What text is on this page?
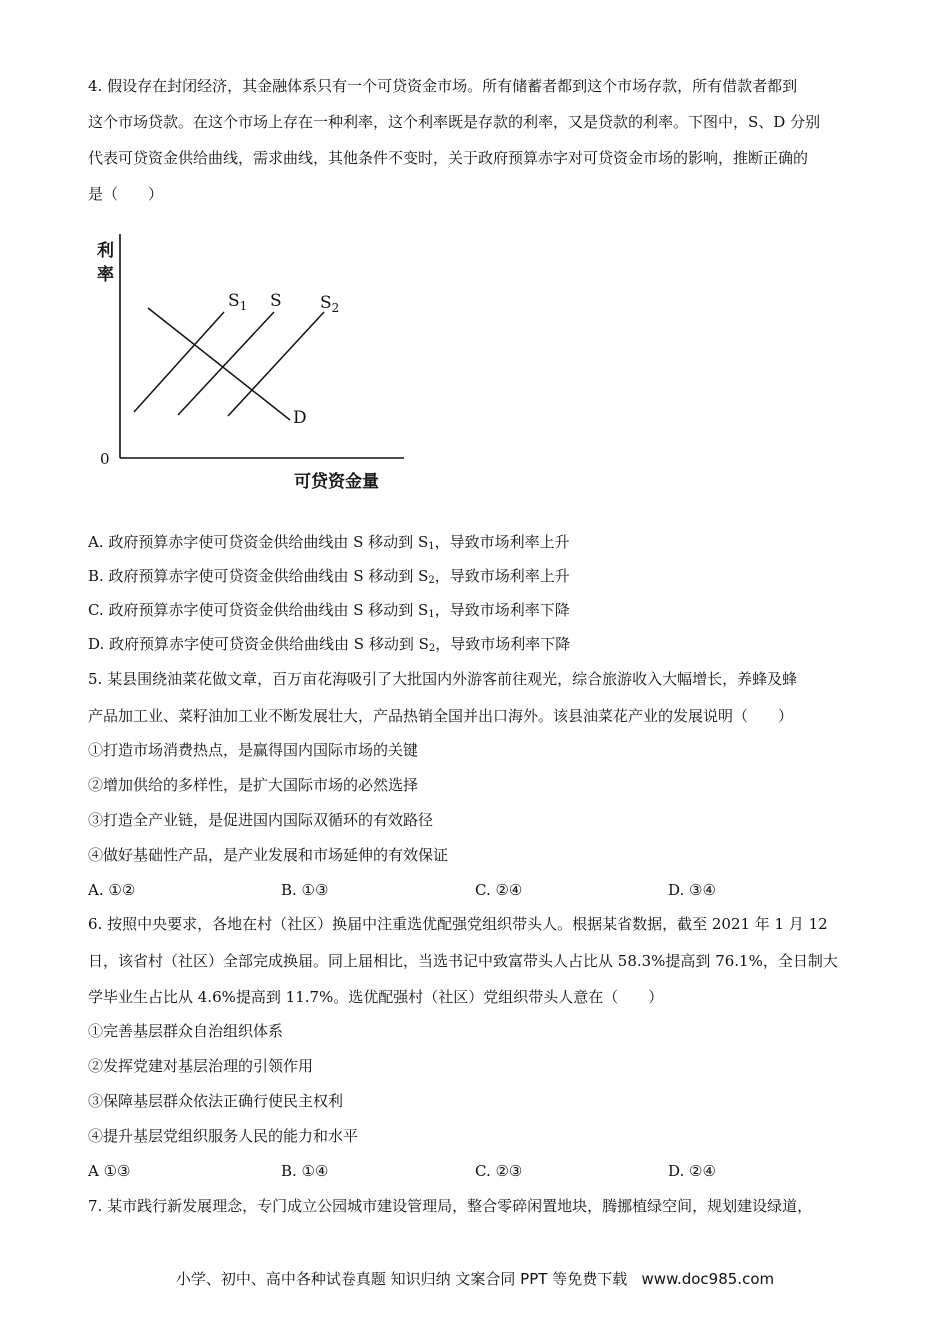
4. 假设存在封闭经济，其金融体系只有一个可贷资金市场。所有储蓄者都到这个市场存款，所有借款者都到
这个市场贷款。在这个市场上存在一种利率，这个利率既是存款的利率，又是贷款的利率。下图中，S、D 分别
代表可贷资金供给曲线，需求曲线，其他条件不变时，关于政府预算赤字对可贷资金市场的影响，推断正确的
是（　　）
利
率
0
可贷资金量
$S_1$ S $S_2$
D
A. 政府预算赤字使可贷资金供给曲线由 S 移动到 $S_1$，导致市场利率上升
B. 政府预算赤字使可贷资金供给曲线由 S 移动到 $S_2$，导致市场利率上升
C. 政府预算赤字使可贷资金供给曲线由 S 移动到 $S_1$，导致市场利率下降
D. 政府预算赤字使可贷资金供给曲线由 S 移动到 $S_2$，导致市场利率下降
5. 某县围绕油菜花做文章，百万亩花海吸引了大批国内外游客前往观光，综合旅游收入大幅增长，养蜂及蜂
产品加工业、菜籽油加工业不断发展壮大，产品热销全国并出口海外。该县油菜花产业的发展说明（　　）
①打造市场消费热点，是赢得国内国际市场的关键
②增加供给的多样性，是扩大国际市场的必然选择
③打造全产业链，是促进国内国际双循环的有效路径
④做好基础性产品，是产业发展和市场延伸的有效保证
A. ①②	B. ①③	C. ②④	D. ③④
6. 按照中央要求，各地在村（社区）换届中注重选优配强党组织带头人。根据某省数据，截至 2021 年 1 月 12
日，该省村（社区）全部完成换届。同上届相比，当选书记中致富带头人占比从 58.3%提高到 76.1%，全日制大
学毕业生占比从 4.6%提高到 11.7%。选优配强村（社区）党组织带头人意在（　　）
①完善基层群众自治组织体系
②发挥党建对基层治理的引领作用
③保障基层群众依法正确行使民主权利
④提升基层党组织服务人民的能力和水平
A ①③	B. ①④	C. ②③	D. ②④
7. 某市践行新发展理念，专门成立公园城市建设管理局，整合零碎闲置地块，腾挪植绿空间，规划建设绿道，
小学、初中、高中各种试卷真题 知识归纳 文案合同 PPT 等免费下载 www.doc985.com
